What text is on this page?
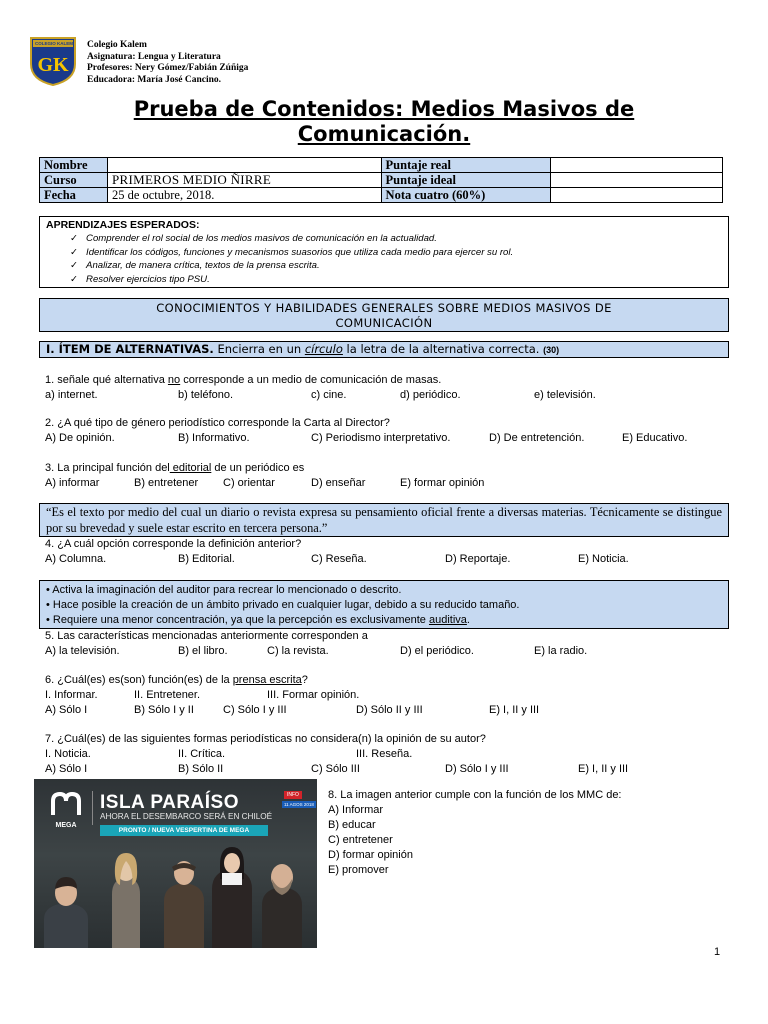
GK
COLEGIO KALEM Colegio Kalem
Asignatura: Lengua y Literatura
Profesores: Nery Gómez/Fabián Zúñiga
Educadora: María José Cancino.
Prueba de Contenidos: Medios Masivos de
Comunicación.
Nombre		Puntaje real	
Curso	PRIMEROS MEDIO ÑIRRE	Puntaje ideal	
Fecha	25 de octubre, 2018.	Nota cuatro (60%)	
APRENDIZAJES ESPERADOS:
✓ Comprender el rol social de los medios masivos de comunicación en la actualidad.
✓ Identificar los códigos, funciones y mecanismos suasorios que utiliza cada medio para ejercer su rol.
✓ Analizar, de manera crítica, textos de la prensa escrita.
✓ Resolver ejercicios tipo PSU.
CONOCIMIENTOS Y HABILIDADES GENERALES SOBRE MEDIOS MASIVOS DE
COMUNICACIÓN
I. ÍTEM DE ALTERNATIVAS. Encierra en un círculo la letra de la alternativa correcta. (30)
1. señale qué alternativa no corresponde a un medio de comunicación de masas.
a) internet.	b) teléfono.	c) cine.	d) periódico.	e) televisión.
2. ¿A qué tipo de género periodístico corresponde la Carta al Director?
A) De opinión.	B) Informativo.	C) Periodismo interpretativo.	D) De entretención.	E) Educativo.
3. La principal función del editorial de un periódico es
A) informar	B) entretener C) orientar	D) enseñar	E) formar opinión
“Es el texto por medio del cual un diario o revista expresa su pensamiento oficial frente a diversas materias. Técnicamente se distingue por su brevedad y suele estar escrito en tercera persona.”
4. ¿A cuál opción corresponde la definición anterior?
A) Columna.	B) Editorial.	C) Reseña.	D) Reportaje.	E) Noticia.
• Activa la imaginación del auditor para recrear lo mencionado o descrito.
• Hace posible la creación de un ámbito privado en cualquier lugar, debido a su reducido tamaño.
• Requiere una menor concentración, ya que la percepción es exclusivamente auditiva.
5. Las características mencionadas anteriormente corresponden a
A) la televisión.	B) el libro.	C) la revista.	D) el periódico.	E) la radio.
6. ¿Cuál(es) es(son) función(es) de la prensa escrita?
I. Informar.	II. Entretener.	III. Formar opinión.
A) Sólo I	B) Sólo I y II	C) Sólo I y III	D) Sólo II y III	E) I, II y III
7. ¿Cuál(es) de las siguientes formas periodísticas no considera(n) la opinión de su autor?
I. Noticia.	II. Crítica.	III. Reseña.
A) Sólo I	B) Sólo II	C) Sólo III	D) Sólo I y III	E) I, II y III
MEGA
ISLA PARAÍSO
AHORA EL DESEMBARCO SERÁ EN CHILOÉ
PRONTO / NUEVA VESPERTINA DE MEGA
INFO
11 AGOS 2018
8. La imagen anterior cumple con la función de los MMC de:
A) Informar
B) educar
C) entretener
D) formar opinión
E) promover
1
